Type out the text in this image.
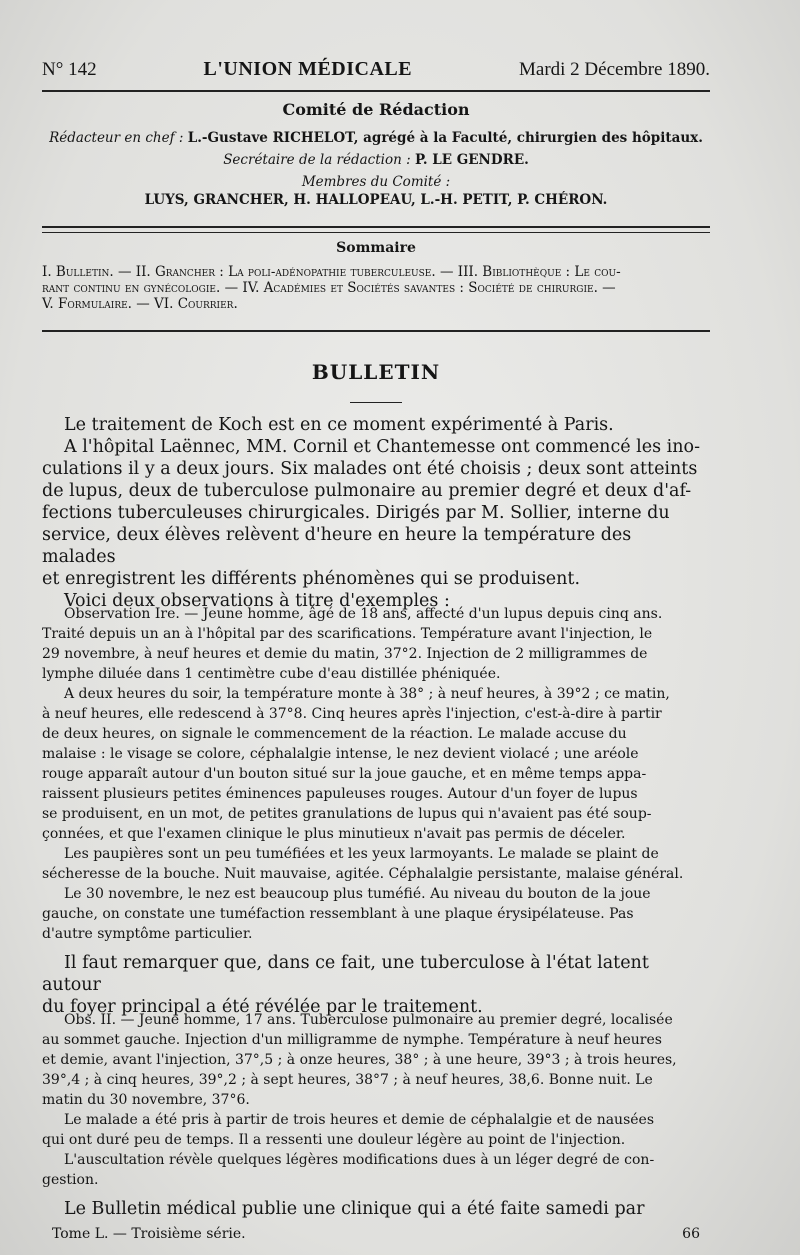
N° 142	L'UNION MÉDICALE	Mardi 2 Décembre 1890.
Comité de Rédaction
Rédacteur en chef : L.-Gustave RICHELOT, agrégé à la Faculté, chirurgien des hôpitaux.
Secrétaire de la rédaction : P. LE GENDRE.
Membres du Comité :
LUYS, GRANCHER, H. HALLOPEAU, L.-H. PETIT, P. CHÉRON.
Sommaire
I. Bulletin. — II. Grancher : La poli-adénopathie tuberculeuse. — III. Bibliothèque : Le cou-
rant continu en gynécologie. — IV. Académies et Sociétés savantes : Société de chirurgie. —
V. Formulaire. — VI. Courrier.
BULLETIN
Le traitement de Koch est en ce moment expérimenté à Paris.
A l'hôpital Laënnec, MM. Cornil et Chantemesse ont commencé les ino-
culations il y a deux jours. Six malades ont été choisis ; deux sont atteints
de lupus, deux de tuberculose pulmonaire au premier degré et deux d'af-
fections tuberculeuses chirurgicales. Dirigés par M. Sollier, interne du
service, deux élèves relèvent d'heure en heure la température des malades
et enregistrent les différents phénomènes qui se produisent.
Voici deux observations à titre d'exemples :
Observation Ire. — Jeune homme, âgé de 18 ans, affecté d'un lupus depuis cinq ans.
Traité depuis un an à l'hôpital par des scarifications. Température avant l'injection, le
29 novembre, à neuf heures et demie du matin, 37°2. Injection de 2 milligrammes de
lymphe diluée dans 1 centimètre cube d'eau distillée phéniquée.
A deux heures du soir, la température monte à 38° ; à neuf heures, à 39°2 ; ce matin,
à neuf heures, elle redescend à 37°8. Cinq heures après l'injection, c'est-à-dire à partir
de deux heures, on signale le commencement de la réaction. Le malade accuse du
malaise : le visage se colore, céphalalgie intense, le nez devient violacé ; une aréole
rouge apparaît autour d'un bouton situé sur la joue gauche, et en même temps appa-
raissent plusieurs petites éminences papuleuses rouges. Autour d'un foyer de lupus
se produisent, en un mot, de petites granulations de lupus qui n'avaient pas été soup-
çonnées, et que l'examen clinique le plus minutieux n'avait pas permis de déceler.
Les paupières sont un peu tuméfiées et les yeux larmoyants. Le malade se plaint de
sécheresse de la bouche. Nuit mauvaise, agitée. Céphalalgie persistante, malaise général.
Le 30 novembre, le nez est beaucoup plus tuméfié. Au niveau du bouton de la joue
gauche, on constate une tuméfaction ressemblant à une plaque érysipélateuse. Pas
d'autre symptôme particulier.
Il faut remarquer que, dans ce fait, une tuberculose à l'état latent autour
du foyer principal a été révélée par le traitement.
Obs. II. — Jeune homme, 17 ans. Tuberculose pulmonaire au premier degré, localisée
au sommet gauche. Injection d'un milligramme de nymphe. Température à neuf heures
et demie, avant l'injection, 37°,5 ; à onze heures, 38° ; à une heure, 39°3 ; à trois heures,
39°,4 ; à cinq heures, 39°,2 ; à sept heures, 38°7 ; à neuf heures, 38,6. Bonne nuit. Le
matin du 30 novembre, 37°6.
Le malade a été pris à partir de trois heures et demie de céphalalgie et de nausées
qui ont duré peu de temps. Il a ressenti une douleur légère au point de l'injection.
L'auscultation révèle quelques légères modifications dues à un léger degré de con-
gestion.
Le Bulletin médical publie une clinique qui a été faite samedi par
Tome L. — Troisième série.	66
